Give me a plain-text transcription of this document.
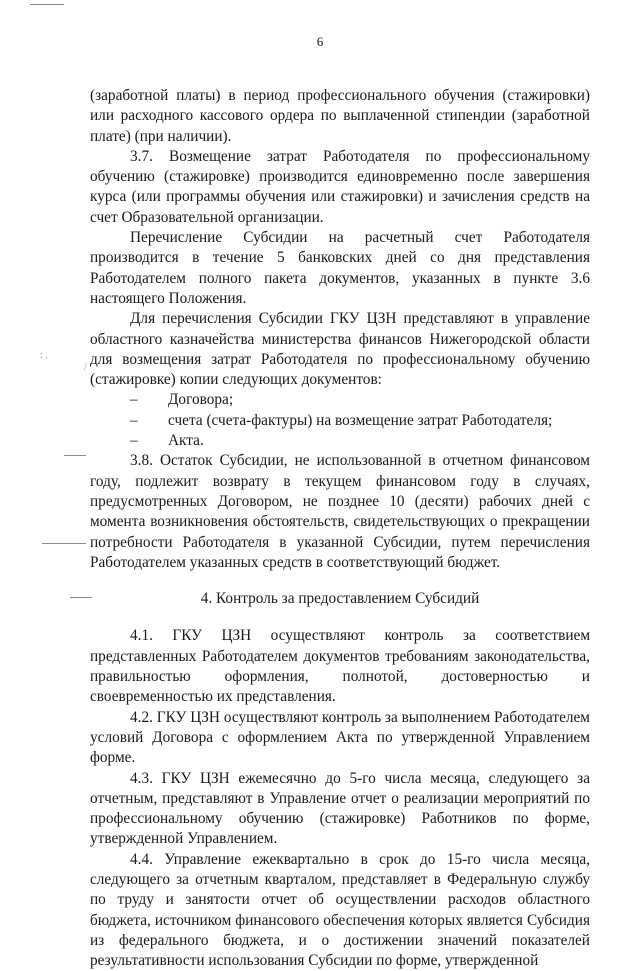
6

(заработной платы) в период профессионального обучения (стажировки) или расходного кассового ордера по выплаченной стипендии (заработной плате) (при наличии).

3.7. Возмещение затрат Работодателя по профессиональному обучению (стажировке) производится единовременно после завершения курса (или программы обучения или стажировки) и зачисления средств на счет Образовательной организации.

Перечисление Субсидии на расчетный счет Работодателя производится в течение 5 банковских дней со дня представления Работодателем полного пакета документов, указанных в пункте 3.6 настоящего Положения.

Для перечисления Субсидии ГКУ ЦЗН представляют в управление областного казначейства министерства финансов Нижегородской области для возмещения затрат Работодателя по профессиональному обучению (стажировке) копии следующих документов:

–	Договора;
–	счета (счета-фактуры) на возмещение затрат Работодателя;
–	Акта.

3.8. Остаток Субсидии, не использованной в отчетном финансовом году, подлежит возврату в текущем финансовом году в случаях, предусмотренных Договором, не позднее 10 (десяти) рабочих дней с момента возникновения обстоятельств, свидетельствующих о прекращении потребности Работодателя в указанной Субсидии, путем перечисления Работодателем указанных средств в соответствующий бюджет.

4. Контроль за предоставлением Субсидий

4.1. ГКУ ЦЗН осуществляют контроль за соответствием представленных Работодателем документов требованиям законодательства, правильностью оформления, полнотой, достоверностью и своевременностью их представления.

4.2. ГКУ ЦЗН осуществляют контроль за выполнением Работодателем условий Договора с оформлением Акта по утвержденной Управлением форме.

4.3. ГКУ ЦЗН ежемесячно до 5-го числа месяца, следующего за отчетным, представляют в Управление отчет о реализации мероприятий по профессиональному обучению (стажировке) Работников по форме, утвержденной Управлением.

4.4. Управление ежеквартально в срок до 15-го числа месяца, следующего за отчетным кварталом, представляет в Федеральную службу по труду и занятости отчет об осуществлении расходов областного бюджета, источником финансового обеспечения которых является Субсидия из федерального бюджета, и о достижении значений показателей результативности использования Субсидии по форме, утвержденной

: .
/
